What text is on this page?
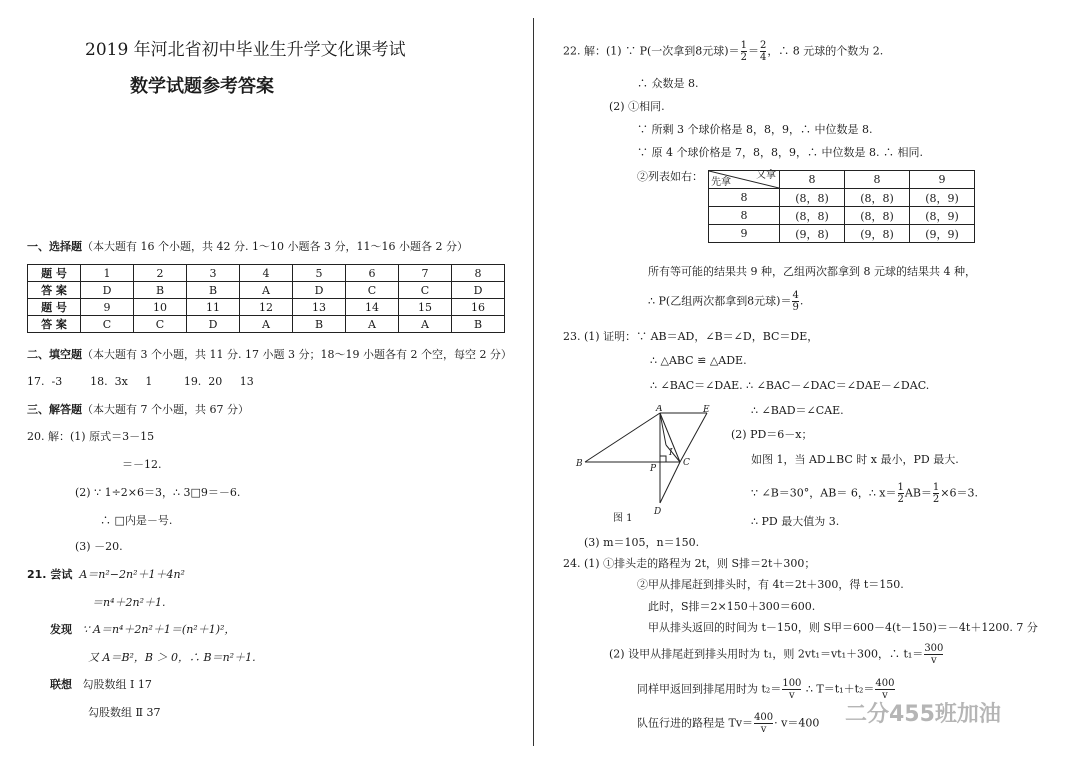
2019 年河北省初中毕业生升学文化课考试
数学试题参考答案
一、选择题（本大题有 16 个小题，共 42 分. 1～10 小题各 3 分，11～16 小题各 2 分）
题 号	1	2	3	4	5	6	7	8
答 案	D	B	B	A	D	C	C	D
题 号	9	10	11	12	13	14	15	16
答 案	C	C	D	A	B	A	A	B
二、填空题（本大题有 3 个小题，共 11 分. 17 小题 3 分；18～19 小题各有 2 个空，每空 2 分）
17.  -3        18.  3x     1         19.  20     13
三、解答题（本大题有 7 个小题，共 67 分）
20. 解：(1) 原式＝3－15
＝－12.
(2) ∵ 1÷2×6＝3，∴ 3□9＝－6.
∴ □内是－号.
(3) －20.
21. 尝试 A＝n²−2n²＋1＋4n²
＝n⁴＋2n²＋1.
发现 ∵ A＝n⁴＋2n²＋1＝(n²＋1)²，
又 A＝B²，B ＞ 0，∴ B＝n²＋1.
联想 勾股数组 Ⅰ 17
勾股数组 Ⅱ 37
22. 解：(1) ∵ P(一次拿到8元球)＝ $\frac{1}{2} = \frac{2}{4}$ ，∴ 8 元球的个数为 2.
∴ 众数是 8.
(2) ①相同.
∵ 所剩 3 个球价格是 8，8，9，∴ 中位数是 8.
∵ 原 4 个球价格是 7，8，8，9，∴ 中位数是 8. ∴ 相同.
②列表如右：	又拿
先拿	8	8	9
8	(8，8)	(8，8)	(8，9)
8	(8，8)	(8，8)	(8，9)
9	(9，8)	(9，8)	(9，9)
所有等可能的结果共 9 种，乙组两次都拿到 8 元球的结果共 4 种，
∴ P(乙组两次都拿到8元球)＝ $\frac{4}{9}$ .
23. (1) 证明：∵ AB＝AD，∠B＝∠D，BC＝DE，
∴ △ABC ≌ △ADE.
∴ ∠BAC＝∠DAE. ∴ ∠BAC－∠DAC＝∠DAE－∠DAC.
∴ ∠BAD＝∠CAE.
(2) PD＝6－x；
如图 1，当 AD⊥BC 时 x 最小，PD 最大.
∵ ∠B＝30°，AB＝ 6，∴ $x= \frac{1}{2} AB= \frac{1}{2} \times 6=3$.
∴ PD 最大值为 3.
A	E
B	C
D
P
I
图 1
(3) m＝105，n＝150.
24. (1) ①排头走的路程为 2t，则 S排＝2t＋300；
②甲从排尾赶到排头时，有 4t＝2t＋300，得 t＝150.
此时，S排＝2×150＋300＝600.
甲从排头返回的时间为 t－150，则 S甲＝600－4(t－150)＝－4t＋1200. 7 分
(2) 设甲从排尾赶到排头用时为 t₁，则 2vt₁＝vt₁＋300，∴ $t_1= \frac{300}{v}$
同样甲返回到排尾用时为 $t_2= \frac{100}{v}$ ∴ $T=t_1+t_2= \frac{400}{v}$
队伍行进的路程是 $Tv= \frac{400}{v} \cdot v=400$ 二分455班加油
